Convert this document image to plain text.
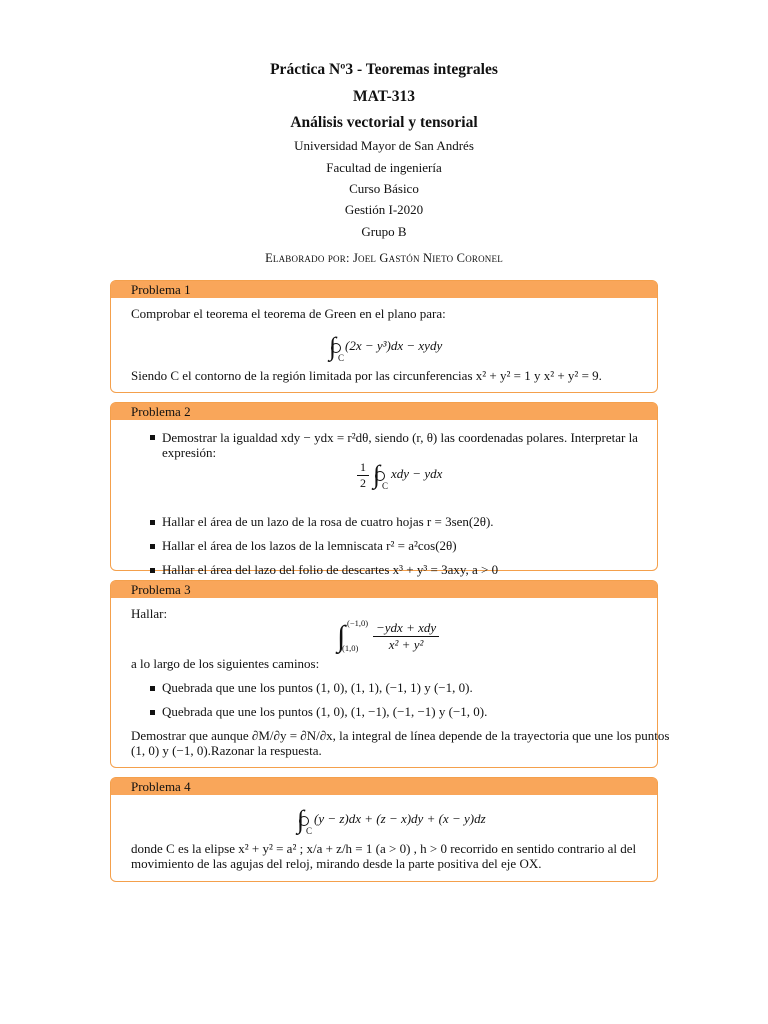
Práctica Nº3 - Teoremas integrales
MAT-313
Análisis vectorial y tensorial
Universidad Mayor de San Andrés
Facultad de ingeniería
Curso Básico
Gestión I-2020
Grupo B
Elaborado por: Joel Gastón Nieto Coronel
Problema 1
Comprobar el teorema el teorema de Green en el plano para:
∫ C
(2x − y³)dx − xydy
Siendo C el contorno de la región limitada por las circunferencias x² + y² = 1 y x² + y² = 9.
Problema 2
Demostrar la igualdad xdy − ydx = r²dθ, siendo (r, θ) las coordenadas polares. Interpretar la
expresión:
$\frac{1}{2}$ ∫ C
xdy − ydx
Hallar el área de un lazo de la rosa de cuatro hojas r = 3sen(2θ).
Hallar el área de los lazos de la lemniscata r² = a²cos(2θ)
Hallar el área del lazo del folio de descartes x³ + y³ = 3axy, a > 0
Problema 3
Hallar:
∫ (−1,0)
(1,0)
−ydx + xdy
x² + y²
a lo largo de los siguientes caminos:
Quebrada que une los puntos (1, 0), (1, 1), (−1, 1) y (−1, 0).
Quebrada que une los puntos (1, 0), (1, −1), (−1, −1) y (−1, 0).
Demostrar que aunque ∂M/∂y = ∂N/∂x, la integral de línea depende de la trayectoria que une los puntos
(1, 0) y (−1, 0).Razonar la respuesta.
Problema 4
∫ C
(y − z)dx + (z − x)dy + (x − y)dz
donde C es la elipse x² + y² = a² ; x/a + z/h = 1 (a > 0) , h > 0 recorrido en sentido contrario al del
movimiento de las agujas del reloj, mirando desde la parte positiva del eje OX.
